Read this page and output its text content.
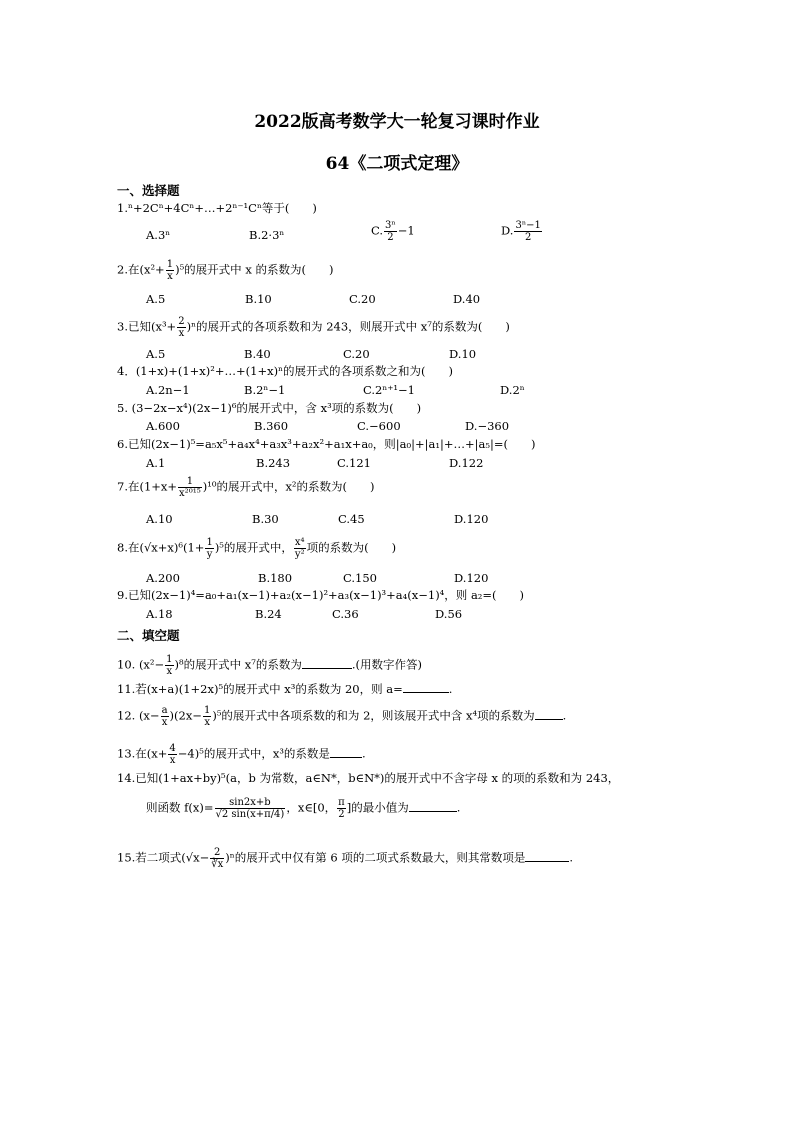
2022版高考数学大一轮复习课时作业
64《二项式定理》
一、选择题
1.ⁿ+2Cⁿ+4Cⁿ+…+2ⁿ⁻¹Cⁿ等于(　　)
A.3ⁿ	B.2·3ⁿ	C. $\frac{\text{3ⁿ}}{2} -1$	D. $\frac{\text{3ⁿ−1}}{2}$
2.在$(x^2+ \frac{1}{x} )^5$的展开式中 x 的系数为(　　)
A.5	B.10	C.20	D.40
3.已知$(x^3+ \frac{2}{x} )^n$的展开式的各项系数和为 243，则展开式中 x⁷的系数为(　　)
A.5	B.40	C.20	D.10
4．(1+x)+(1+x)²+…+(1+x)ⁿ的展开式的各项系数之和为(　　)
A.2n−1	B.2ⁿ−1	C.2ⁿ⁺¹−1	D.2ⁿ
5. (3−2x−x⁴)(2x−1)⁶的展开式中，含 x³项的系数为(　　)
A.600	B.360	C.−600	D.−360
6.已知(2x−1)⁵=a₅x⁵+a₄x⁴+a₃x³+a₂x²+a₁x+a₀，则|a₀|+|a₁|+…+|a₅|=(　　)
A.1	B.243	C.121	D.122
7.在$(1+x+ \frac{1}{\text{x²⁰¹⁵}} )^{10}$的展开式中，x²的系数为(　　)
A.10	B.30	C.45	D.120
8.在$(√x+x)^6(1+ \frac{1}{y} )^5$的展开式中， $\frac{\text{x⁴}}{\text{y²}}$ 项的系数为(　　)
A.200	B.180	C.150	D.120
9.已知(2x−1)⁴=a₀+a₁(x−1)+a₂(x−1)²+a₃(x−1)³+a₄(x−1)⁴，则 a₂=(　　)
A.18	B.24	C.36	D.56
二、填空题
10. $(x^2- \frac{1}{x} )^8$的展开式中 x⁷的系数为	.(用数字作答)
11.若(x+a)(1+2x)⁵的展开式中 x³的系数为 20，则 a=	.
12. $(x- \frac{a}{x} )(2x- \frac{1}{x} )^5$的展开式中各项系数的和为 2，则该展开式中含 x⁴项的系数为 .
13.在$(x+ \frac{4}{x} -4)^5$的展开式中，x³的系数是	.
14.已知(1+ax+by)⁵(a，b 为常数，a∈N*，b∈N*)的展开式中不含字母 x 的项的系数和为 243，
则函数 $f(x)= \frac{\sin 2x+b}{√2 \sin(x+\pi/4)}$ ，x∈[0， $\frac{\pi}{2}$ ]的最小值为	.
15.若二项式$(√x- \frac{2}{∛x} )^n$的展开式中仅有第 6 项的二项式系数最大，则其常数项是	.
